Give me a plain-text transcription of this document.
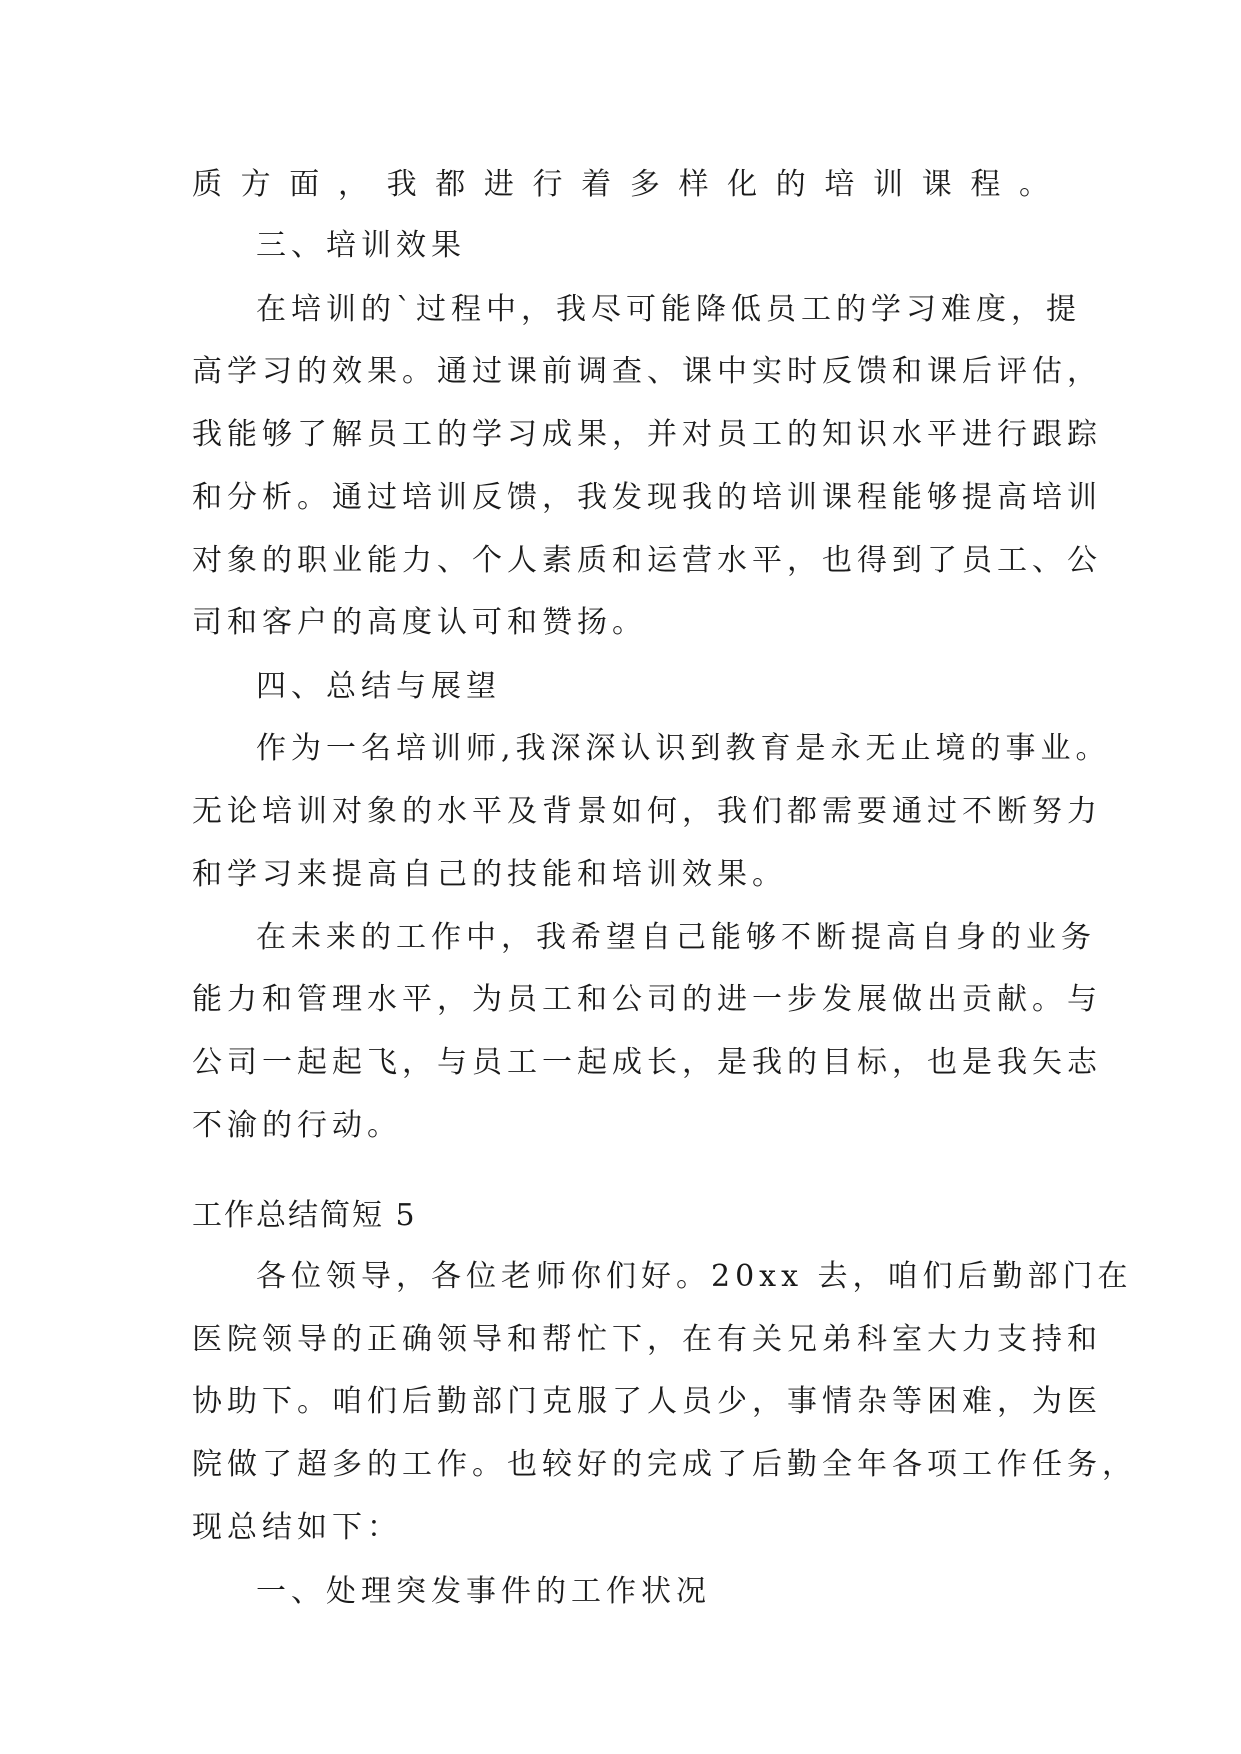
质方面，我都进行着多样化的培训课程。

三、培训效果

在培训的`过程中，我尽可能降低员工的学习难度，提

高学习的效果。通过课前调查、课中实时反馈和课后评估，

我能够了解员工的学习成果，并对员工的知识水平进行跟踪

和分析。通过培训反馈，我发现我的培训课程能够提高培训

对象的职业能力、个人素质和运营水平，也得到了员工、公

司和客户的高度认可和赞扬。

四、总结与展望

作为一名培训师,我深深认识到教育是永无止境的事业。

无论培训对象的水平及背景如何，我们都需要通过不断努力

和学习来提高自己的技能和培训效果。

在未来的工作中，我希望自己能够不断提高自身的业务

能力和管理水平，为员工和公司的进一步发展做出贡献。与

公司一起起飞，与员工一起成长，是我的目标，也是我矢志

不渝的行动。

工作总结简短 5

各位领导，各位老师你们好。20xx 去，咱们后勤部门在

医院领导的正确领导和帮忙下，在有关兄弟科室大力支持和

协助下。咱们后勤部门克服了人员少，事情杂等困难，为医

院做了超多的工作。也较好的完成了后勤全年各项工作任务，

现总结如下：

一、处理突发事件的工作状况
